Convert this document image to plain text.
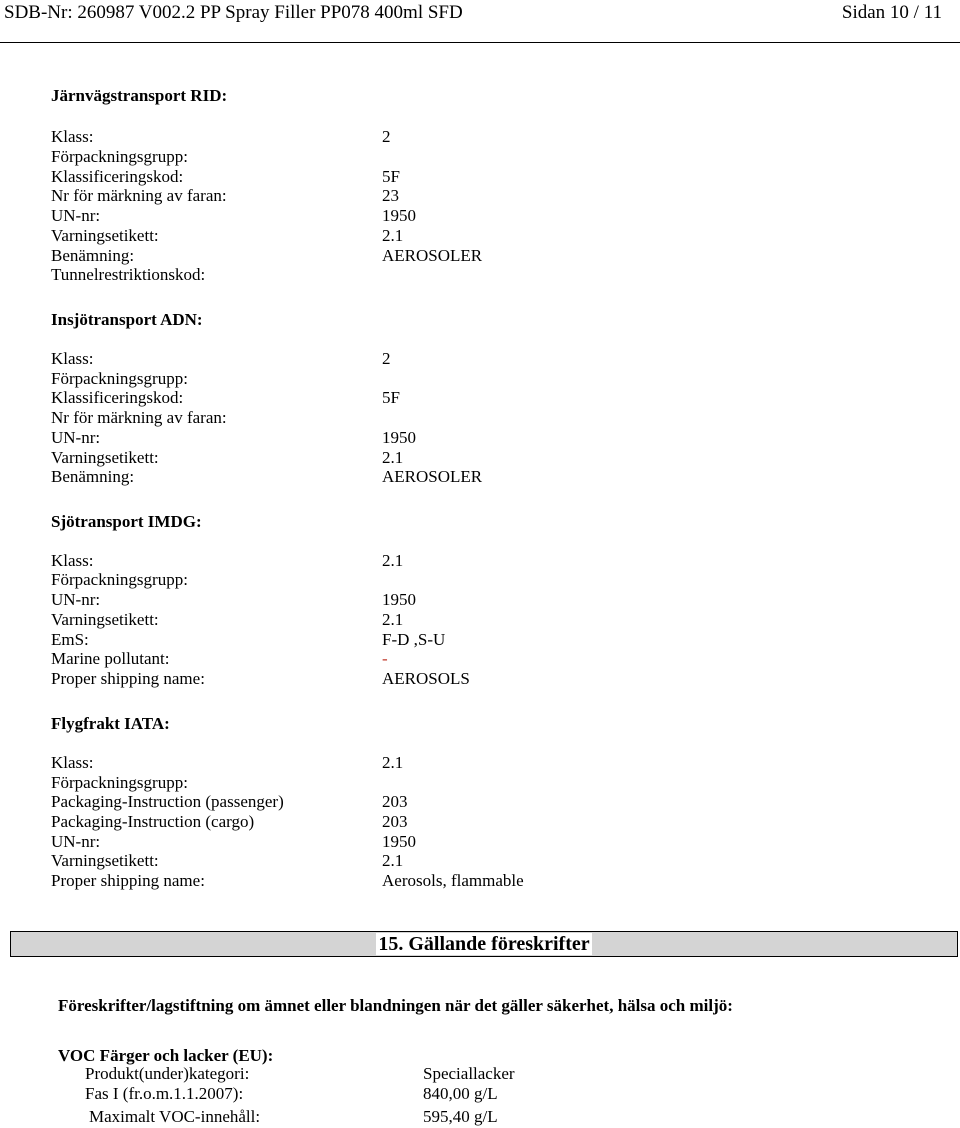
SDB-Nr: 260987 V002.2 PP Spray Filler PP078 400ml SFD	Sidan 10 / 11
Järnvägstransport RID:
Klass:	2
Förpackningsgrupp:
Klassificeringskod:	5F
Nr för märkning av faran:	23
UN-nr:	1950
Varningsetikett:	2.1
Benämning:	AEROSOLER
Tunnelrestriktionskod:
Insjötransport ADN:
Klass:	2
Förpackningsgrupp:
Klassificeringskod:	5F
Nr för märkning av faran:
UN-nr:	1950
Varningsetikett:	2.1
Benämning:	AEROSOLER
Sjötransport IMDG:
Klass:	2.1
Förpackningsgrupp:
UN-nr:	1950
Varningsetikett:	2.1
EmS:	F-D ,S-U
Marine pollutant:	-
Proper shipping name:	AEROSOLS
Flygfrakt IATA:
Klass:	2.1
Förpackningsgrupp:
Packaging-Instruction (passenger)	203
Packaging-Instruction (cargo)	203
UN-nr:	1950
Varningsetikett:	2.1
Proper shipping name:	Aerosols, flammable
15. Gällande föreskrifter
Föreskrifter/lagstiftning om ämnet eller blandningen när det gäller säkerhet, hälsa och miljö:
VOC Färger och lacker (EU):
Produkt(under)kategori:	Speciallacker
Fas I (fr.o.m.1.1.2007):	840,00 g/L
Maximalt VOC-innehåll:	595,40 g/L
